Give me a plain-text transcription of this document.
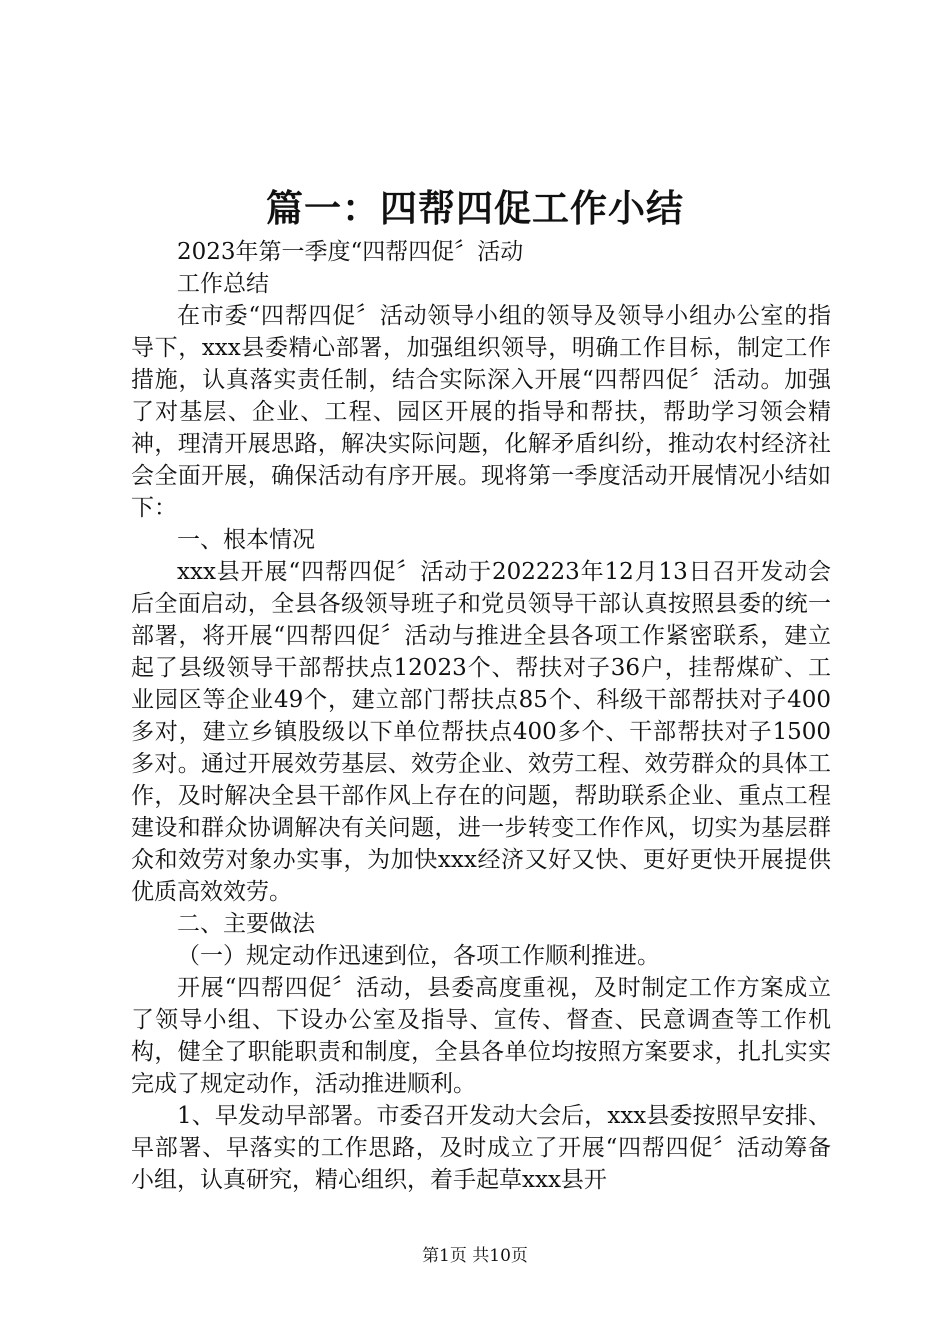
篇一：四帮四促工作小结

2023年第一季度“四帮四促〞活动

工作总结

在市委“四帮四促〞活动领导小组的领导及领导小组办公室的指导下，xxx县委精心部署，加强组织领导，明确工作目标，制定工作措施，认真落实责任制，结合实际深入开展“四帮四促〞活动。加强了对基层、企业、工程、园区开展的指导和帮扶，帮助学习领会精神，理清开展思路，解决实际问题，化解矛盾纠纷，推动农村经济社会全面开展，确保活动有序开展。现将第一季度活动开展情况小结如下：

一、根本情况

xxx县开展“四帮四促〞活动于202223年12月13日召开发动会后全面启动，全县各级领导班子和党员领导干部认真按照县委的统一部署，将开展“四帮四促〞活动与推进全县各项工作紧密联系，建立起了县级领导干部帮扶点12023个、帮扶对子36户，挂帮煤矿、工业园区等企业49个，建立部门帮扶点85个、科级干部帮扶对子400多对，建立乡镇股级以下单位帮扶点400多个、干部帮扶对子1500多对。通过开展效劳基层、效劳企业、效劳工程、效劳群众的具体工作，及时解决全县干部作风上存在的问题，帮助联系企业、重点工程建设和群众协调解决有关问题，进一步转变工作作风，切实为基层群众和效劳对象办实事，为加快xxx经济又好又快、更好更快开展提供优质高效效劳。

二、主要做法

（一）规定动作迅速到位，各项工作顺利推进。

开展“四帮四促〞活动，县委高度重视，及时制定工作方案成立了领导小组、下设办公室及指导、宣传、督查、民意调查等工作机构，健全了职能职责和制度，全县各单位均按照方案要求，扎扎实实完成了规定动作，活动推进顺利。

1、早发动早部署。市委召开发动大会后，xxx县委按照早安排、早部署、早落实的工作思路，及时成立了开展“四帮四促〞活动筹备小组，认真研究，精心组织，着手起草xxx县开

第1页 共10页
